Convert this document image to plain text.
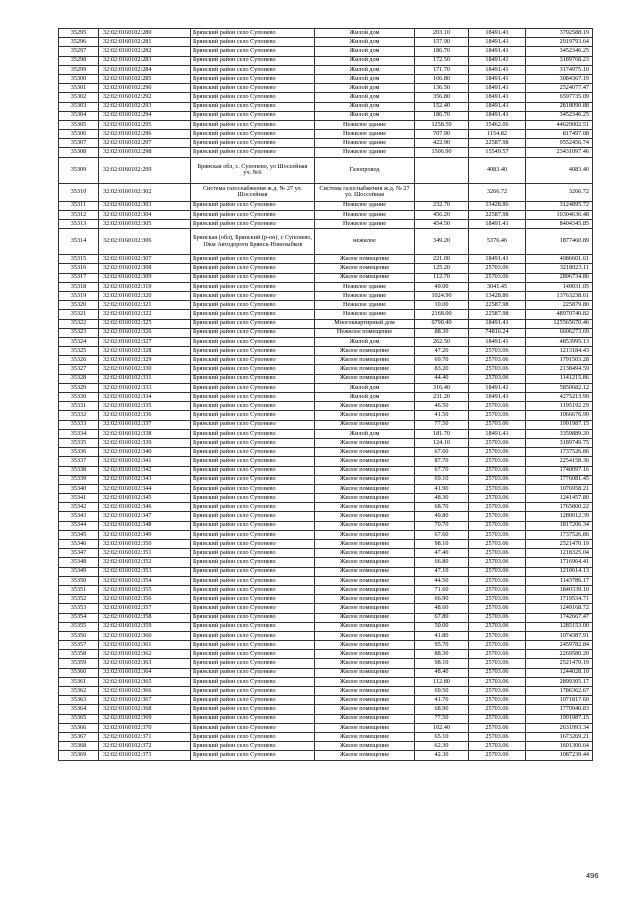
35295	32:02:0160102:280	Брянский район село Супонево	Жилой дом	203.10	18491.41	3792588.19
35296	32:02:0160102:281	Брянский район село Супонево	Жилой дом	157.90	18491.41	2919793.64
35297	32:02:0160102:282	Брянский район село Супонево	Жилой дом	186.70	18491.41	3452346.25
35298	32:02:0160102:283	Брянский район село Супонево	Жилой дом	172.50	18491.41	3189768.23
35299	32:02:0160102:284	Брянский район село Супонево	Жилой дом	171.70	18491.41	3174975.10
35300	32:02:0160102:285	Брянский район село Супонево	Жилой дом	166.80	18491.41	3084367.19
35301	32:02:0160102:290	Брянский район село Супонево	Жилой дом	136.50	18491.41	2524077.47
35302	32:02:0160102:292	Брянский район село Супонево	Жилой дом	356.80	18491.41	6597735.09
35303	32:02:0160102:293	Брянский район село Супонево	Жилой дом	152.40	18491.41	2818090.88
35304	32:02:0160102:294	Брянский район село Супонево	Жилой дом	186.70	18491.41	3452346.25
35305	32:02:0160102:295	Брянский район село Супонево	Нежилое здание	1258.50	35462.06	44629002.51
35306	32:02:0160102:296	Брянский район село Супонево	Нежилое здание	707.90	1154.82	817497.08
35307	32:02:0160102:297	Брянский район село Супонево	Нежилое здание	422.90	22587.98	9552456.74
35308	32:02:0160102:298	Брянский район село Супонево	Нежилое здание	1506.90	15549.57	23431097.46
35309	32:02:0160102:299	Брянская обл, с. Супонево, ул Шоссейная уч. №6	Газопровод		4083.40	4083.40
35310	32:02:0160102:302	Система газоснабжения ж.д. № 27 ул. Шоссейная	Система газоснабжения ж.д. № 27 ул. Шоссейная		3266.72	3266.72
35311	32:02:0160102:303	Брянский район село Супонево	Нежилое здание	232.70	13428.86	3124895.72
35312	32:02:0160102:304	Брянский район село Супонево	Нежилое здание	456.20	22587.98	10304636.48
35313	32:02:0160102:305	Брянский район село Супонево	Нежилое здание	454.50	18491.41	8404345.85
35314	32:02:0160102:306	Брянская (обл), Брянский (р-он), с Супонево, 10км Автодороги Брянск-Новозыбков	нежилое	349.20	5376.46	1877460.89
35315	32:02:0160102:307	Брянский район село Супонево	Жилое помещение	221.00	18491.41	4086601.61
35316	32:02:0160102:308	Брянский район село Супонево	Жилое помещение	125.20	25703.06	3218023.11
35317	32:02:0160102:309	Брянский район село Супонево	Жилое помещение	112.70	25703.06	2896734.86
35318	32:02:0160102:319	Брянский район село Супонево	Нежилое здание	49.00	3041.45	149031.05
35319	32:02:0160102:320	Брянский район село Супонево	Нежилое здание	1024.90	13428.86	13763238.61
35320	32:02:0160102:321	Брянский район село Супонево	Нежилое здание	10.00	22587.98	225879.80
35321	32:02:0160102:322	Брянский район село Супонево	Нежилое здание	2168.00	22587.98	48970740.82
35322	32:02:0160102:325	Брянский район село Супонево	Многоквартирный дом	6790.40	18491.41	125565670.46
35323	32:02:0160102:326	Брянский район село Супонево	Нежилое помещение	88.30	74816.24	6606273.69
35324	32:02:0160102:327	Брянский район село Супонево	Жилой дом	262.50	18491.41	4853995.13
35325	32:02:0160102:328	Брянский район село Супонево	Жилое помещение	47.20	25703.06	1213184.43
35326	32:02:0160102:329	Брянский район село Супонево	Жилое помещение	69.70	25703.06	1791503.28
35327	32:02:0160102:330	Брянский район село Супонево	Жилое помещение	83.20	25703.06	2138494.59
35328	32:02:0160102:331	Брянский район село Супонево	Жилое помещение	44.40	25703.06	1141215.86
35329	32:02:0160102:333	Брянский район село Супонево	Жилой дом	316.40	18491.41	5850682.12
35330	32:02:0160102:334	Брянский район село Супонево	Жилой дом	231.20	18491.41	4275213.99
35331	32:02:0160102:335	Брянский район село Супонево	Жилое помещение	46.50	25703.06	1195192.29
35332	32:02:0160102:336	Брянский район село Супонево	Жилое помещение	41.50	25703.06	1066676.99
35333	32:02:0160102:337	Брянский район село Супонево	Жилое помещение	77.50	25703.06	1991987.15
35334	32:02:0160102:338	Брянский район село Супонево	Жилой дом	181.70	18491.41	3359889.20
35335	32:02:0160102:339	Брянский район село Супонево	Жилое помещение	124.10	25703.06	3189749.75
35336	32:02:0160102:340	Брянский район село Супонево	Жилое помещение	67.60	25703.06	1737526.86
35337	32:02:0160102:341	Брянский район село Супонево	Жилое помещение	87.70	25703.06	2254158.36
35338	32:02:0160102:342	Брянский район село Супонево	Жилое помещение	67.70	25703.06	1740097.16
35339	32:02:0160102:343	Брянский район село Супонево	Жилое помещение	69.10	25703.06	1776081.45
35340	32:02:0160102:344	Брянский район село Супонево	Жилое помещение	41.90	25703.06	1076958.21
35341	32:02:0160102:345	Брянский район село Супонево	Жилое помещение	48.30	25703.06	1241457.80
35342	32:02:0160102:346	Брянский район село Супонево	Жилое помещение	68.70	25703.06	1765800.22
35343	32:02:0160102:347	Брянский район село Супонево	Жилое помещение	49.80	25703.06	1280012.39
35344	32:02:0160102:348	Брянский район село Супонево	Жилое помещение	70.70	25703.06	1817206.34
35345	32:02:0160102:349	Брянский район село Супонево	Жилое помещение	67.60	25703.06	1737526.86
35346	32:02:0160102:350	Брянский район село Супонево	Жилое помещение	98.10	25703.06	2521470.19
35347	32:02:0160102:351	Брянский район село Супонево	Жилое помещение	47.40	25703.06	1218325.04
35348	32:02:0160102:352	Брянский район село Супонево	Жилое помещение	66.80	25703.06	1716964.41
35349	32:02:0160102:353	Брянский район село Супонево	Жилое помещение	47.10	25703.06	1210614.13
35350	32:02:0160102:354	Брянский район село Супонево	Жилое помещение	44.50	25703.06	1143786.17
35351	32:02:0160102:355	Брянский район село Супонево	Жилое помещение	71.60	25703.06	1840339.10
35352	32:02:0160102:356	Брянский район село Супонево	Жилое помещение	66.90	25703.06	1719534.71
35353	32:02:0160102:357	Брянский район село Супонево	Жилое помещение	48.60	25703.06	1249168.72
35354	32:02:0160102:358	Брянский район село Супонево	Жилое помещение	67.80	25703.06	1742667.47
35355	32:02:0160102:359	Брянский район село Супонево	Жилое помещение	50.00	25703.06	1285153.00
35356	32:02:0160102:360	Брянский район село Супонево	Жилое помещение	41.80	25703.06	1074387.91
35357	32:02:0160102:361	Брянский район село Супонево	Жилое помещение	95.70	25703.06	2459782.84
35358	32:02:0160102:362	Брянский район село Супонево	Жилое помещение	88.30	25703.06	2269580.20
35359	32:02:0160102:363	Брянский район село Супонево	Жилое помещение	98.10	25703.06	2521470.19
35360	32:02:0160102:364	Брянский район село Супонево	Жилое помещение	48.40	25703.06	1244028.10
35361	32:02:0160102:365	Брянский район село Супонево	Жилое помещение	112.80	25703.06	2899305.17
35362	32:02:0160102:366	Брянский район село Супонево	Жилое помещение	69.50	25703.06	1786362.67
35363	32:02:0160102:367	Брянский район село Супонево	Жилое помещение	41.70	25703.06	1071817.60
35364	32:02:0160102:368	Брянский район село Супонево	Жилое помещение	68.90	25703.06	1770940.83
35365	32:02:0160102:369	Брянский район село Супонево	Жилое помещение	77.50	25703.06	1991987.15
35366	32:02:0160102:370	Брянский район село Супонево	Жилое помещение	102.40	25703.06	2631993.34
35367	32:02:0160102:371	Брянский район село Супонево	Жилое помещение	65.10	25703.06	1673269.21
35368	32:02:0160102:372	Брянский район село Супонево	Жилое помещение	62.30	25703.06	1601300.64
35369	32:02:0160102:373	Брянский район село Супонево	Жилое помещение	42.30	25703.06	1087239.44
496
